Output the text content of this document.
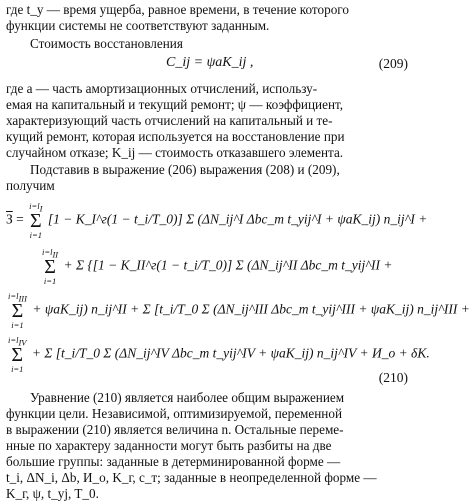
где t_у — время ущерба, равное времени, в течение которого
функции системы не соответствуют заданным.
Стоимость восстановления
C_ij = ψaK_ij ,	(209)
где a — часть амортизационных отчислений, использу-
емая на капитальный и текущий ремонт; ψ — коэффициент,
характеризующий часть отчислений на капитальный и те-
кущий ремонт, которая используется на восстановление при
случайном отказе; K_ij — стоимость отказавшего элемента.
Подставив в выражение (206) выражения (208) и (209),
получим
З =
$i=l_I$
Σ
i=1
[1 − K_I^г(1 − t_i/T_0)] Σ (ΔN_ij^I Δbc_т t_yij^I + ψaK_ij) n_ij^I +
$i=l_{II}$
Σ
i=1
+ Σ {[1 − K_II^г(1 − t_i/T_0)] Σ (ΔN_ij^II Δbc_т t_yij^II +
$i=l_{III}$
Σ
i=1
+ ψaK_ij) n_ij^II + Σ [t_i/T_0 Σ (ΔN_ij^III Δbc_т t_yij^III + ψaK_ij) n_ij^III +
$i=l_{IV}$
Σ
i=1
+ Σ [t_i/T_0 Σ (ΔN_ij^IV Δbc_т t_yij^IV + ψaK_ij) n_ij^IV + И_о + δK.
(210)
Уравнение (210) является наиболее общим выражением
функции цели. Независимой, оптимизируемой, переменной
в выражении (210) является величина n. Остальные переме-
нные по характеру заданности могут быть разбиты на две
большие группы: заданные в детерминированной форме —
t_i, ΔN_i, Δb, И_о, K_г, c_т; заданные в неопределенной форме —
K_г, ψ, t_yj, T_0.
